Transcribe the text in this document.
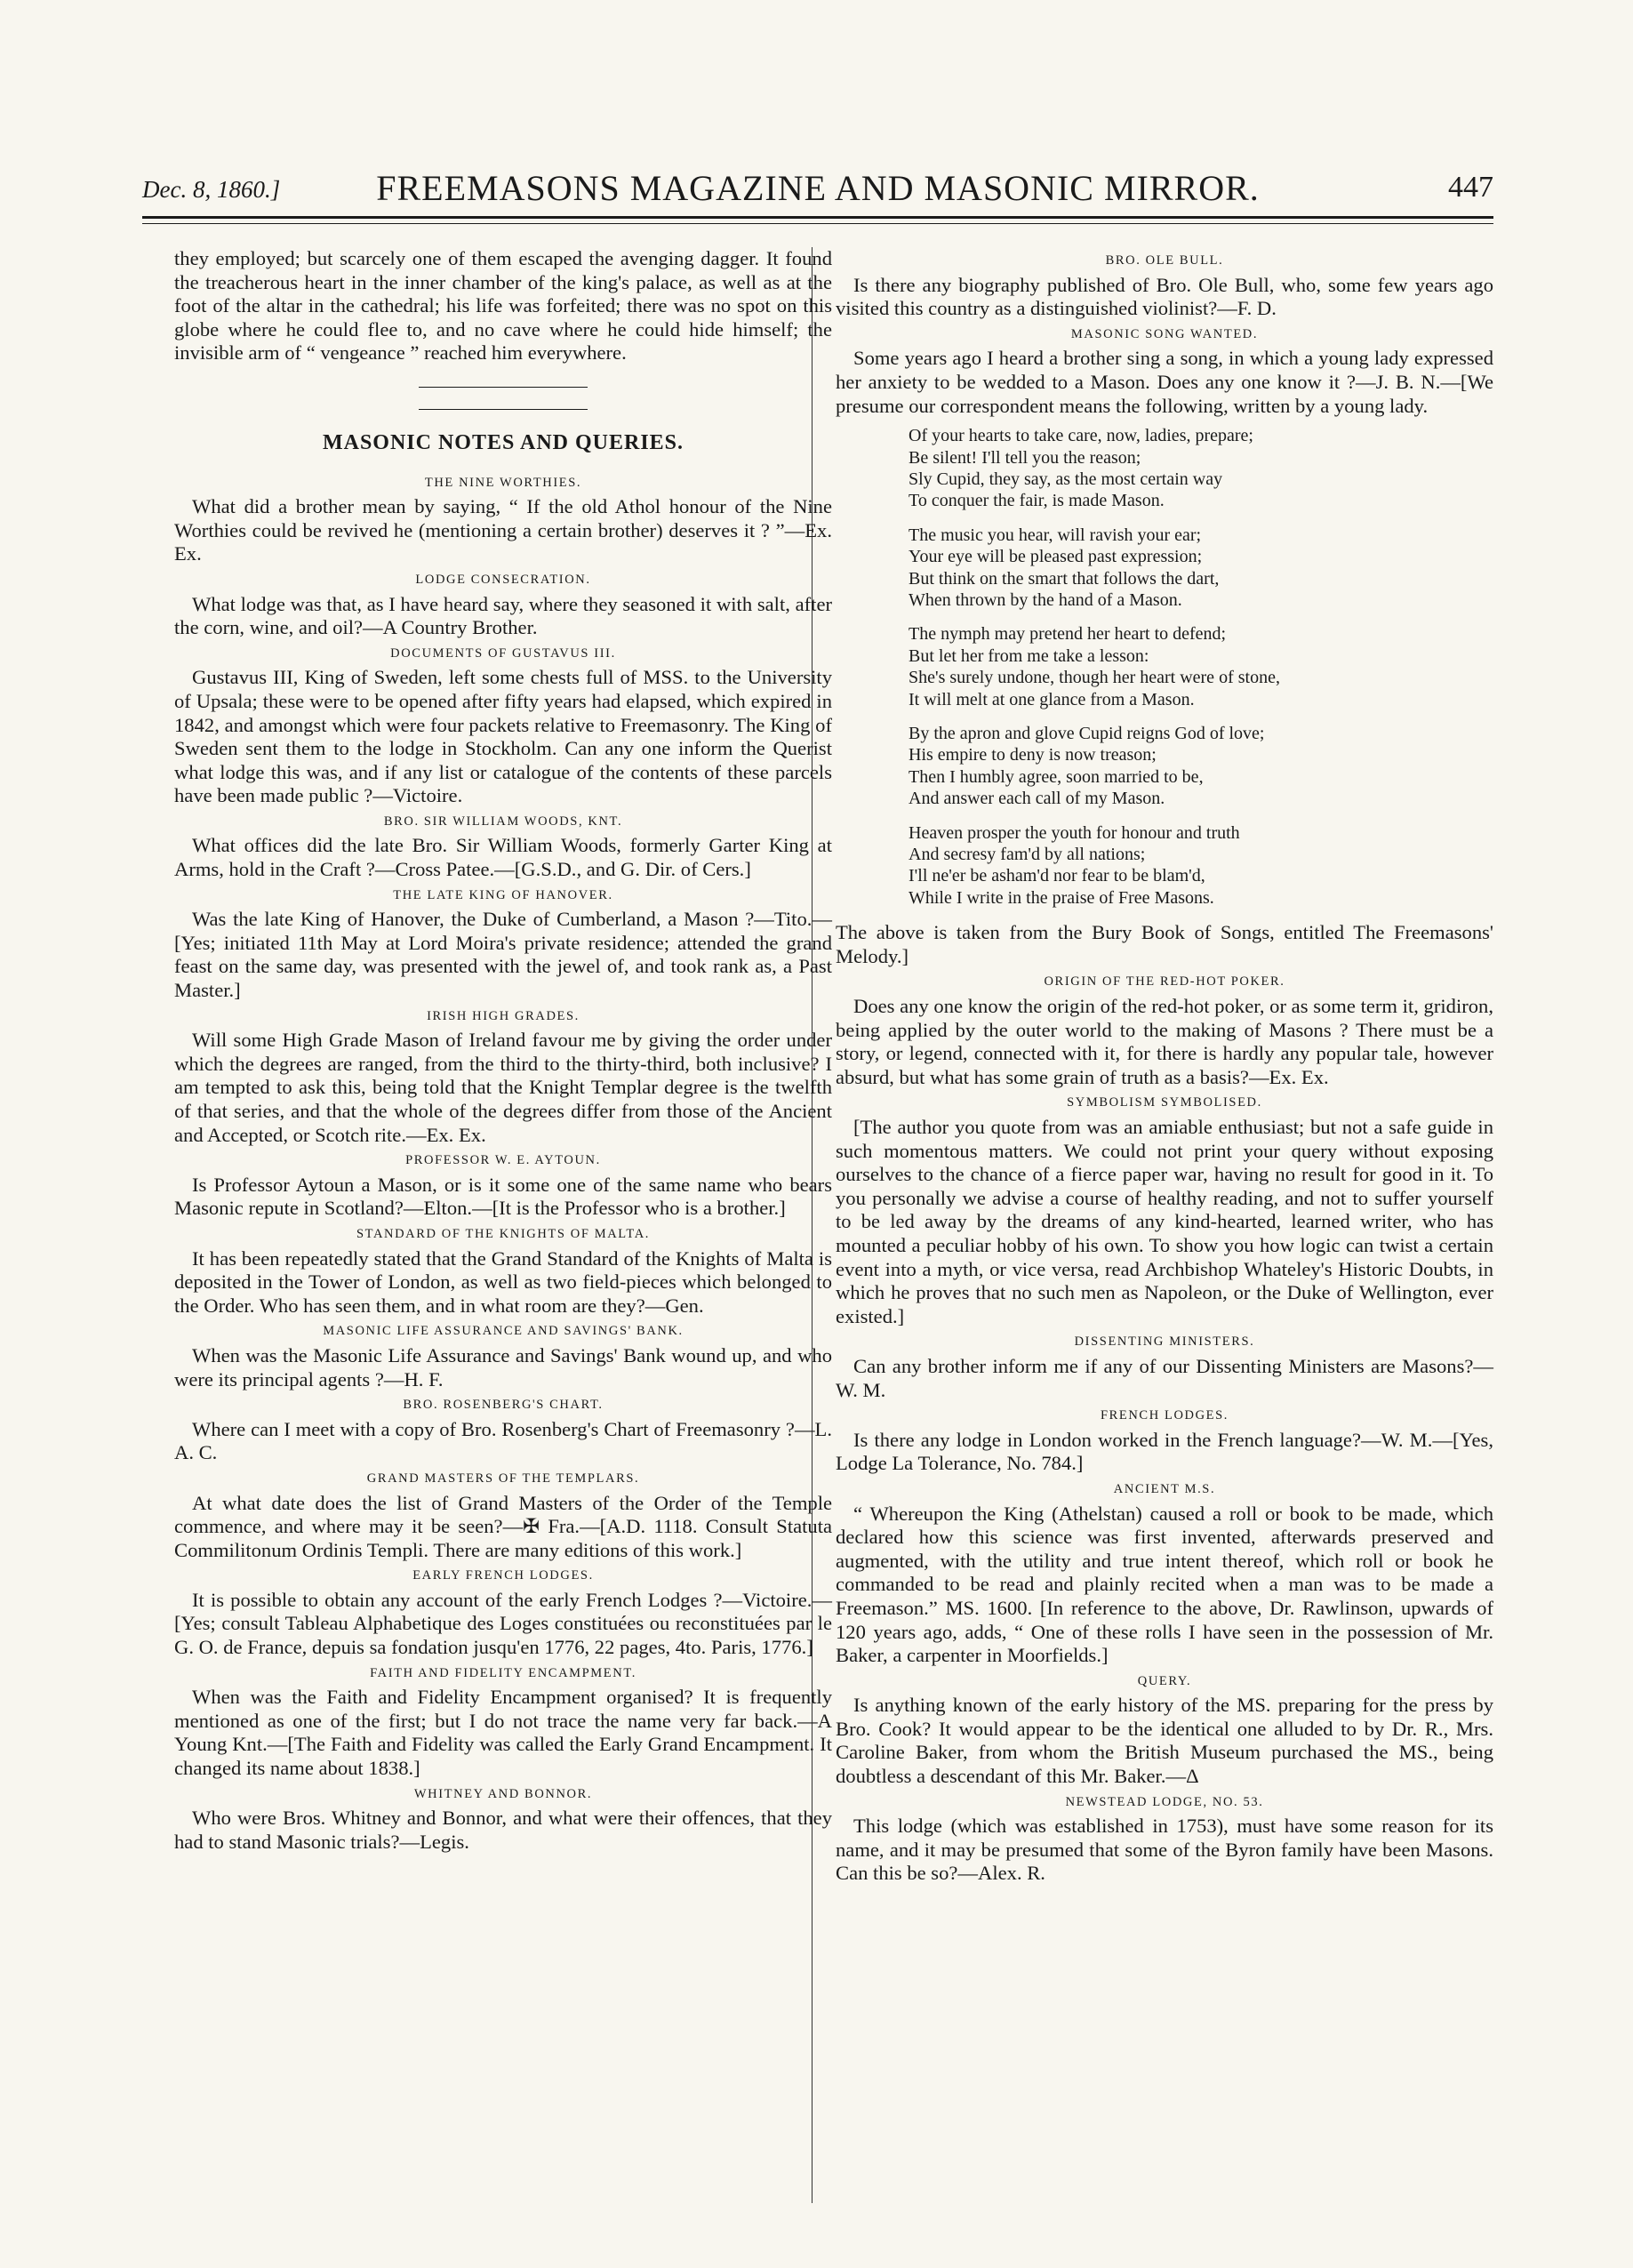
Dec. 8, 1860.]	FREEMASONS MAGAZINE AND MASONIC MIRROR.	447

they employed; but scarcely one of them escaped the avenging dagger. It found the treacherous heart in the inner chamber of the king's palace, as well as at the foot of the altar in the cathedral; his life was forfeited; there was no spot on this globe where he could flee to, and no cave where he could hide himself; the invisible arm of “ vengeance ” reached him everywhere.

MASONIC NOTES AND QUERIES.
THE NINE WORTHIES.

What did a brother mean by saying, “ If the old Athol honour of the Nine Worthies could be revived he (mentioning a certain brother) deserves it ? ”—Ex. Ex.

LODGE CONSECRATION.

What lodge was that, as I have heard say, where they seasoned it with salt, after the corn, wine, and oil?—A Country Brother.

DOCUMENTS OF GUSTAVUS III.

Gustavus III, King of Sweden, left some chests full of MSS. to the University of Upsala; these were to be opened after fifty years had elapsed, which expired in 1842, and amongst which were four packets relative to Freemasonry. The King of Sweden sent them to the lodge in Stockholm. Can any one inform the Querist what lodge this was, and if any list or catalogue of the contents of these parcels have been made public ?—Victoire.

BRO. SIR WILLIAM WOODS, KNT.

What offices did the late Bro. Sir William Woods, formerly Garter King at Arms, hold in the Craft ?—Cross Patee.—[G.S.D., and G. Dir. of Cers.]

THE LATE KING OF HANOVER.

Was the late King of Hanover, the Duke of Cumberland, a Mason ?—Tito.—[Yes; initiated 11th May at Lord Moira's private residence; attended the grand feast on the same day, was presented with the jewel of, and took rank as, a Past Master.]

IRISH HIGH GRADES.

Will some High Grade Mason of Ireland favour me by giving the order under which the degrees are ranged, from the third to the thirty-third, both inclusive? I am tempted to ask this, being told that the Knight Templar degree is the twelfth of that series, and that the whole of the degrees differ from those of the Ancient and Accepted, or Scotch rite.—Ex. Ex.

PROFESSOR W. E. AYTOUN.

Is Professor Aytoun a Mason, or is it some one of the same name who bears Masonic repute in Scotland?—Elton.—[It is the Professor who is a brother.]

STANDARD OF THE KNIGHTS OF MALTA.

It has been repeatedly stated that the Grand Standard of the Knights of Malta is deposited in the Tower of London, as well as two field-pieces which belonged to the Order. Who has seen them, and in what room are they?—Gen.

MASONIC LIFE ASSURANCE AND SAVINGS' BANK.

When was the Masonic Life Assurance and Savings' Bank wound up, and who were its principal agents ?—H. F.

BRO. ROSENBERG'S CHART.

Where can I meet with a copy of Bro. Rosenberg's Chart of Freemasonry ?—L. A. C.

GRAND MASTERS OF THE TEMPLARS.

At what date does the list of Grand Masters of the Order of the Temple commence, and where may it be seen?—✠ Fra.—[A.D. 1118. Consult Statuta Commilitonum Ordinis Templi. There are many editions of this work.]

EARLY FRENCH LODGES.

It is possible to obtain any account of the early French Lodges ?—Victoire.—[Yes; consult Tableau Alphabetique des Loges constituées ou reconstituées par le G. O. de France, depuis sa fondation jusqu'en 1776, 22 pages, 4to. Paris, 1776.]

FAITH AND FIDELITY ENCAMPMENT.

When was the Faith and Fidelity Encampment organised? It is frequently mentioned as one of the first; but I do not trace the name very far back.—A Young Knt.—[The Faith and Fidelity was called the Early Grand Encampment. It changed its name about 1838.]

WHITNEY AND BONNOR.

Who were Bros. Whitney and Bonnor, and what were their offences, that they had to stand Masonic trials?—Legis.

BRO. OLE BULL.

Is there any biography published of Bro. Ole Bull, who, some few years ago visited this country as a distinguished violinist?—F. D.

MASONIC SONG WANTED.

Some years ago I heard a brother sing a song, in which a young lady expressed her anxiety to be wedded to a Mason. Does any one know it ?—J. B. N.—[We presume our correspondent means the following, written by a young lady.

Of your hearts to take care, now, ladies, prepare;
Be silent! I'll tell you the reason;
Sly Cupid, they say, as the most certain way
To conquer the fair, is made Mason.
The music you hear, will ravish your ear;
Your eye will be pleased past expression;
But think on the smart that follows the dart,
When thrown by the hand of a Mason.
The nymph may pretend her heart to defend;
But let her from me take a lesson:
She's surely undone, though her heart were of stone,
It will melt at one glance from a Mason.
By the apron and glove Cupid reigns God of love;
His empire to deny is now treason;
Then I humbly agree, soon married to be,
And answer each call of my Mason.
Heaven prosper the youth for honour and truth
And secresy fam'd by all nations;
I'll ne'er be asham'd nor fear to be blam'd,
While I write in the praise of Free Masons.

The above is taken from the Bury Book of Songs, entitled The Freemasons' Melody.]

ORIGIN OF THE RED-HOT POKER.

Does any one know the origin of the red-hot poker, or as some term it, gridiron, being applied by the outer world to the making of Masons ? There must be a story, or legend, connected with it, for there is hardly any popular tale, however absurd, but what has some grain of truth as a basis?—Ex. Ex.

SYMBOLISM SYMBOLISED.

[The author you quote from was an amiable enthusiast; but not a safe guide in such momentous matters. We could not print your query without exposing ourselves to the chance of a fierce paper war, having no result for good in it. To you personally we advise a course of healthy reading, and not to suffer yourself to be led away by the dreams of any kind-hearted, learned writer, who has mounted a peculiar hobby of his own. To show you how logic can twist a certain event into a myth, or vice versa, read Archbishop Whateley's Historic Doubts, in which he proves that no such men as Napoleon, or the Duke of Wellington, ever existed.]

DISSENTING MINISTERS.

Can any brother inform me if any of our Dissenting Ministers are Masons?—W. M.

FRENCH LODGES.

Is there any lodge in London worked in the French language?—W. M.—[Yes, Lodge La Tolerance, No. 784.]

ANCIENT M.S.

“ Whereupon the King (Athelstan) caused a roll or book to be made, which declared how this science was first invented, afterwards preserved and augmented, with the utility and true intent thereof, which roll or book he commanded to be read and plainly recited when a man was to be made a Freemason.” MS. 1600. [In reference to the above, Dr. Rawlinson, upwards of 120 years ago, adds, “ One of these rolls I have seen in the possession of Mr. Baker, a carpenter in Moorfields.]

QUERY.

Is anything known of the early history of the MS. preparing for the press by Bro. Cook? It would appear to be the identical one alluded to by Dr. R., Mrs. Caroline Baker, from whom the British Museum purchased the MS., being doubtless a descendant of this Mr. Baker.—Δ

NEWSTEAD LODGE, NO. 53.

This lodge (which was established in 1753), must have some reason for its name, and it may be presumed that some of the Byron family have been Masons. Can this be so?—Alex. R.
